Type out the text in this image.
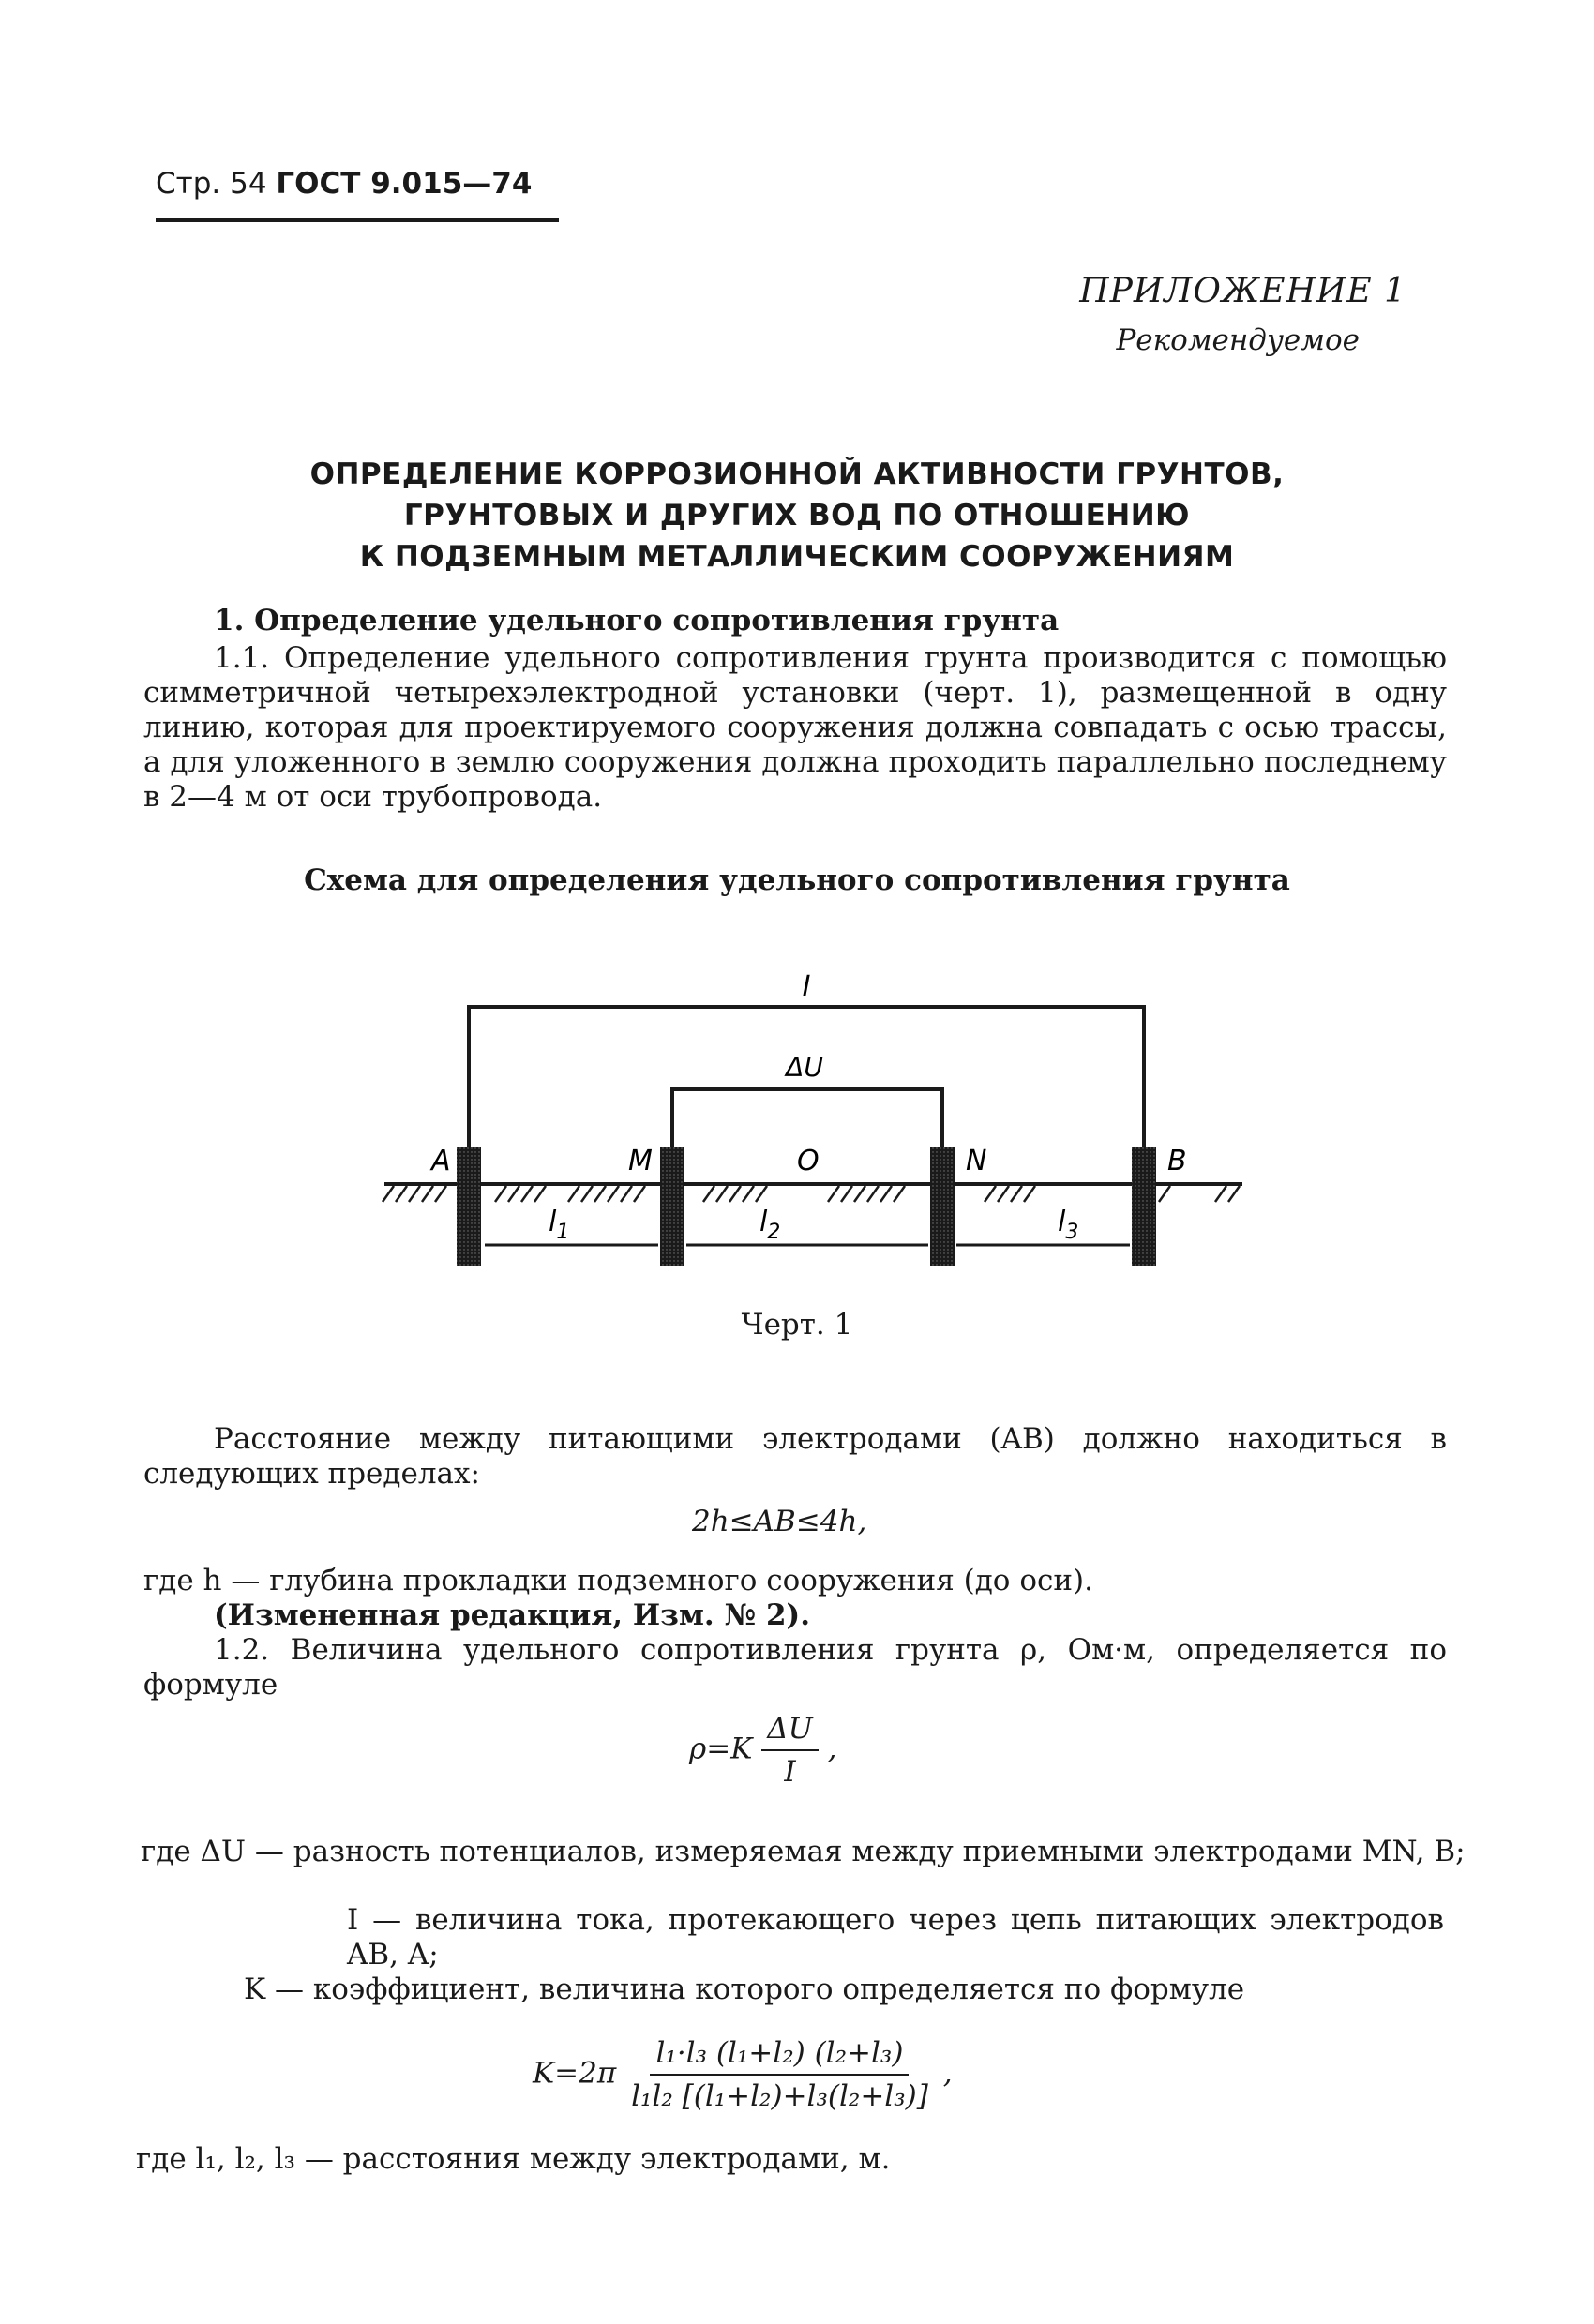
Стр. 54 ГОСТ 9.015—74
ПРИЛОЖЕНИЕ 1
Рекомендуемое
ОПРЕДЕЛЕНИЕ КОРРОЗИОННОЙ АКТИВНОСТИ ГРУНТОВ,
ГРУНТОВЫХ И ДРУГИХ ВОД ПО ОТНОШЕНИЮ
К ПОДЗЕМНЫМ МЕТАЛЛИЧЕСКИМ СООРУЖЕНИЯМ
1. Определение удельного сопротивления грунта
1.1. Определение удельного сопротивления грунта производится с помощью симметричной четырехэлектродной установки (черт. 1), размещенной в одну линию, которая для проектируемого сооружения должна совпадать с осью трассы, а для уложенного в землю сооружения должна проходить параллельно последнему в 2—4 м от оси трубопровода.
Схема для определения удельного сопротивления грунта
I
ΔU
A	M	O	N	B
$l_1$	$l_2$	$l_3$
Черт. 1
Расстояние между питающими электродами (AB) должно находиться в следующих пределах:
2h≤AB≤4h,
где h — глубина прокладки подземного сооружения (до оси).
(Измененная редакция, Изм. № 2).
1.2. Величина удельного сопротивления грунта ρ, Ом·м, определяется по формуле
$\rho=K \frac{\Delta U}{I}$ ,
где ΔU — разность потенциалов, измеряемая между приемными электродами MN, B;
I — величина тока, протекающего через цепь питающих электродов AB, A;
K — коэффициент, величина которого определяется по формуле
$K=2\pi \frac{\text{l₁·l₃ (l₁+l₂) (l₂+l₃)}}{\text{l₁l₂ [(l₁+l₂)+l₃(l₂+l₃)]}}$ ,
где l₁, l₂, l₃ — расстояния между электродами, м.
